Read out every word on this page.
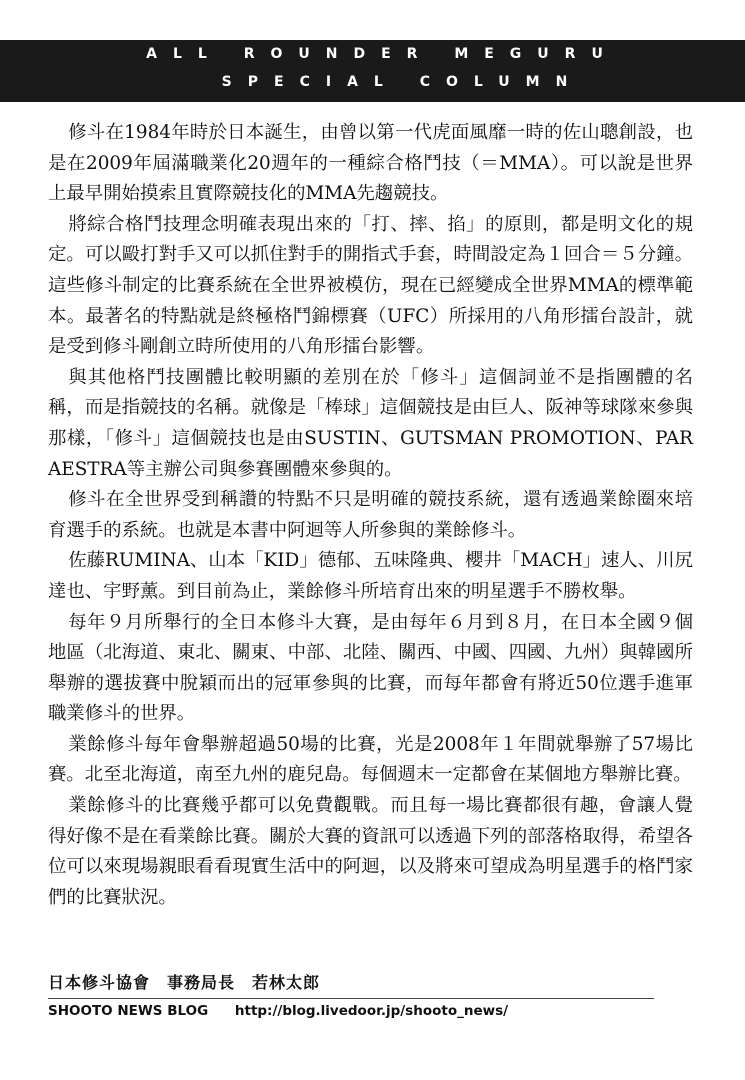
ALL ROUNDER MEGURU
SPECIAL COLUMN

修斗在1984年時於日本誕生，由曾以第一代虎面風靡一時的佐山聰創設，也是在2009年屆滿職業化20週年的一種綜合格鬥技（＝MMA）。可以說是世界上最早開始摸索且實際競技化的MMA先趨競技。

將綜合格鬥技理念明確表現出來的「打、摔、掐」的原則，都是明文化的規定。可以毆打對手又可以抓住對手的開指式手套，時間設定為１回合＝５分鐘。這些修斗制定的比賽系統在全世界被模仿，現在已經變成全世界MMA的標準範本。最著名的特點就是終極格鬥錦標賽（UFC）所採用的八角形擂台設計，就是受到修斗剛創立時所使用的八角形擂台影響。

與其他格鬥技團體比較明顯的差別在於「修斗」這個詞並不是指團體的名稱，而是指競技的名稱。就像是「棒球」這個競技是由巨人、阪神等球隊來參與那樣，「修斗」這個競技也是由SUSTIN、GUTSMAN PROMOTION、PARAESTRA等主辦公司與參賽團體來參與的。

修斗在全世界受到稱讚的特點不只是明確的競技系統，還有透過業餘圈來培育選手的系統。也就是本書中阿迴等人所參與的業餘修斗。

佐藤RUMINA、山本「KID」德郁、五味隆典、櫻井「MACH」速人、川尻達也、宇野薰。到目前為止，業餘修斗所培育出來的明星選手不勝枚舉。

每年９月所舉行的全日本修斗大賽，是由每年６月到８月，在日本全國９個地區（北海道、東北、關東、中部、北陸、關西、中國、四國、九州）與韓國所舉辦的選拔賽中脫穎而出的冠軍參與的比賽，而每年都會有將近50位選手進軍職業修斗的世界。

業餘修斗每年會舉辦超過50場的比賽，光是2008年１年間就舉辦了57場比賽。北至北海道，南至九州的鹿兒島。每個週末一定都會在某個地方舉辦比賽。

業餘修斗的比賽幾乎都可以免費觀戰。而且每一場比賽都很有趣，會讓人覺得好像不是在看業餘比賽。關於大賽的資訊可以透過下列的部落格取得，希望各位可以來現場親眼看看現實生活中的阿迴，以及將來可望成為明星選手的格鬥家們的比賽狀況。

日本修斗協會　事務局長　若林太郎
SHOOTO NEWS BLOG http://blog.livedoor.jp/shooto_news/
